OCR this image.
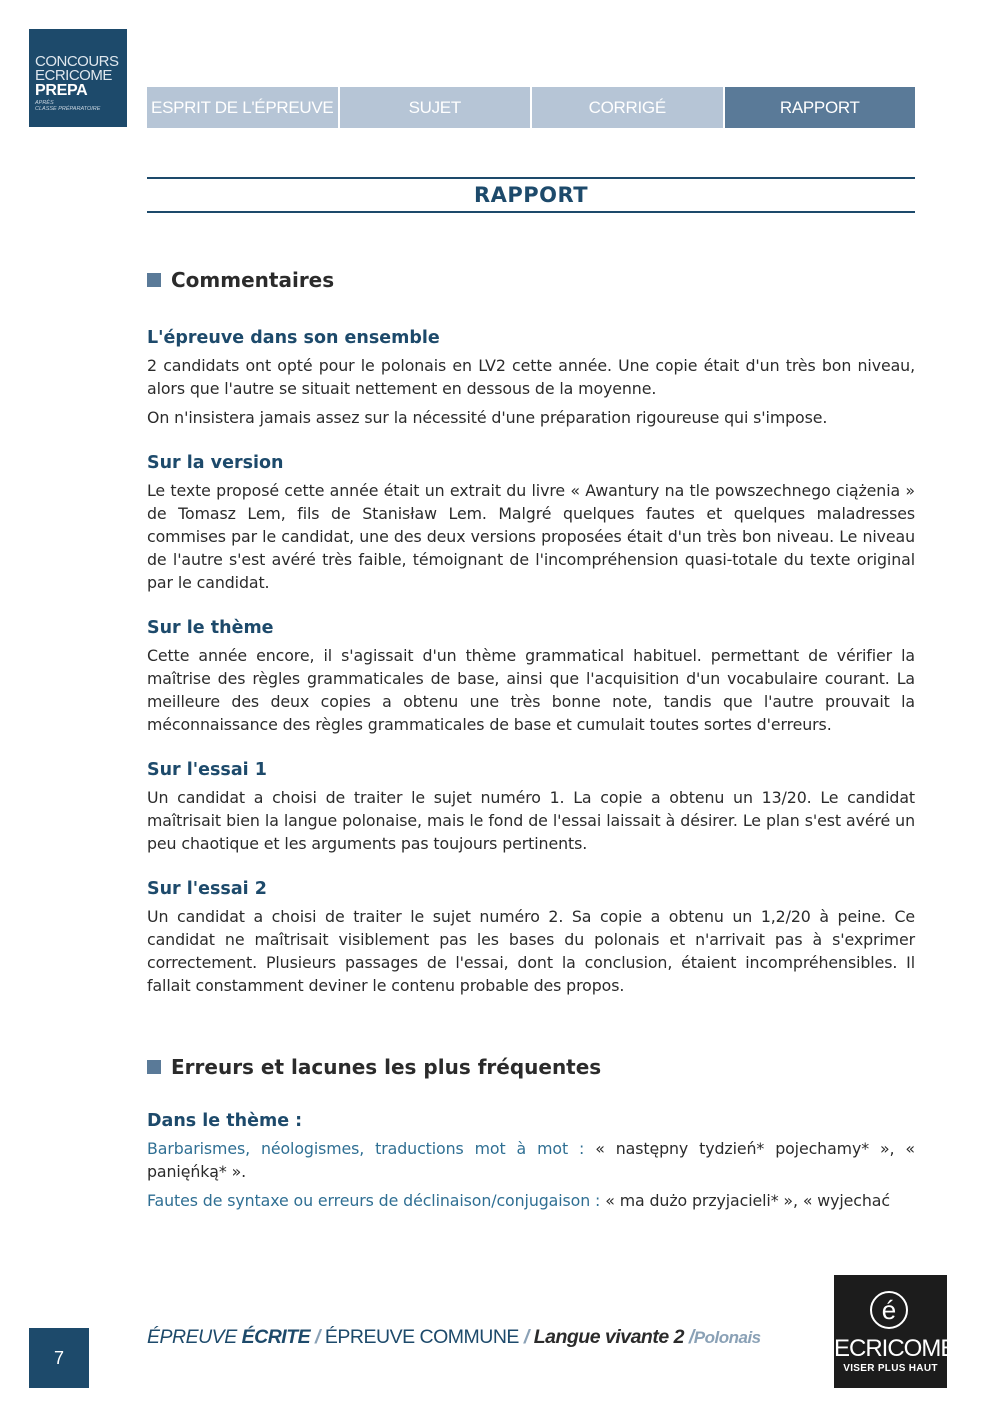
CONCOURS
ECRICOME
PREPA
APRÈS
CLASSE PRÉPARATOIRE	ESPRIT DE L'ÉPREUVE	SUJET	CORRIGÉ	RAPPORT
RAPPORT
Commentaires
L'épreuve dans son ensemble

2 candidats ont opté pour le polonais en LV2 cette année. Une copie était d'un très bon niveau, alors que l'autre se situait nettement en dessous de la moyenne.

On n'insistera jamais assez sur la nécessité d'une préparation rigoureuse qui s'impose.

Sur la version

Le texte proposé cette année était un extrait du livre « Awantury na tle powszechnego ciążenia » de Tomasz Lem, fils de Stanisław Lem. Malgré quelques fautes et quelques maladresses commises par le candidat, une des deux versions proposées était d'un très bon niveau. Le niveau de l'autre s'est avéré très faible, témoignant de l'incompréhension quasi-totale du texte original par le candidat.

Sur le thème

Cette année encore, il s'agissait d'un thème grammatical habituel. permettant de vérifier la maîtrise des règles grammaticales de base, ainsi que l'acquisition d'un vocabulaire courant. La meilleure des deux copies a obtenu une très bonne note, tandis que l'autre prouvait la méconnaissance des règles grammaticales de base et cumulait toutes sortes d'erreurs.

Sur l'essai 1

Un candidat a choisi de traiter le sujet numéro 1. La copie a obtenu un 13/20. Le candidat maîtrisait bien la langue polonaise, mais le fond de l'essai laissait à désirer. Le plan s'est avéré un peu chaotique et les arguments pas toujours pertinents.

Sur l'essai 2

Un candidat a choisi de traiter le sujet numéro 2. Sa copie a obtenu un 1,2/20 à peine. Ce candidat ne maîtrisait visiblement pas les bases du polonais et n'arrivait pas à s'exprimer correctement. Plusieurs passages de l'essai, dont la conclusion, étaient incompréhensibles. Il fallait constamment deviner le contenu probable des propos.

Erreurs et lacunes les plus fréquentes
Dans le thème :

Barbarismes, néologismes, traductions mot à mot : « następny tydzień* pojechamy* », « panięńką* ».

Fautes de syntaxe ou erreurs de déclinaison/conjugaison : « ma dużo przyjacieli* », « wyjechać

7
ÉPREUVE ÉCRITE / ÉPREUVE COMMUNE / Langue vivante 2 /Polonais
é
ECRICOME
VISER PLUS HAUT
